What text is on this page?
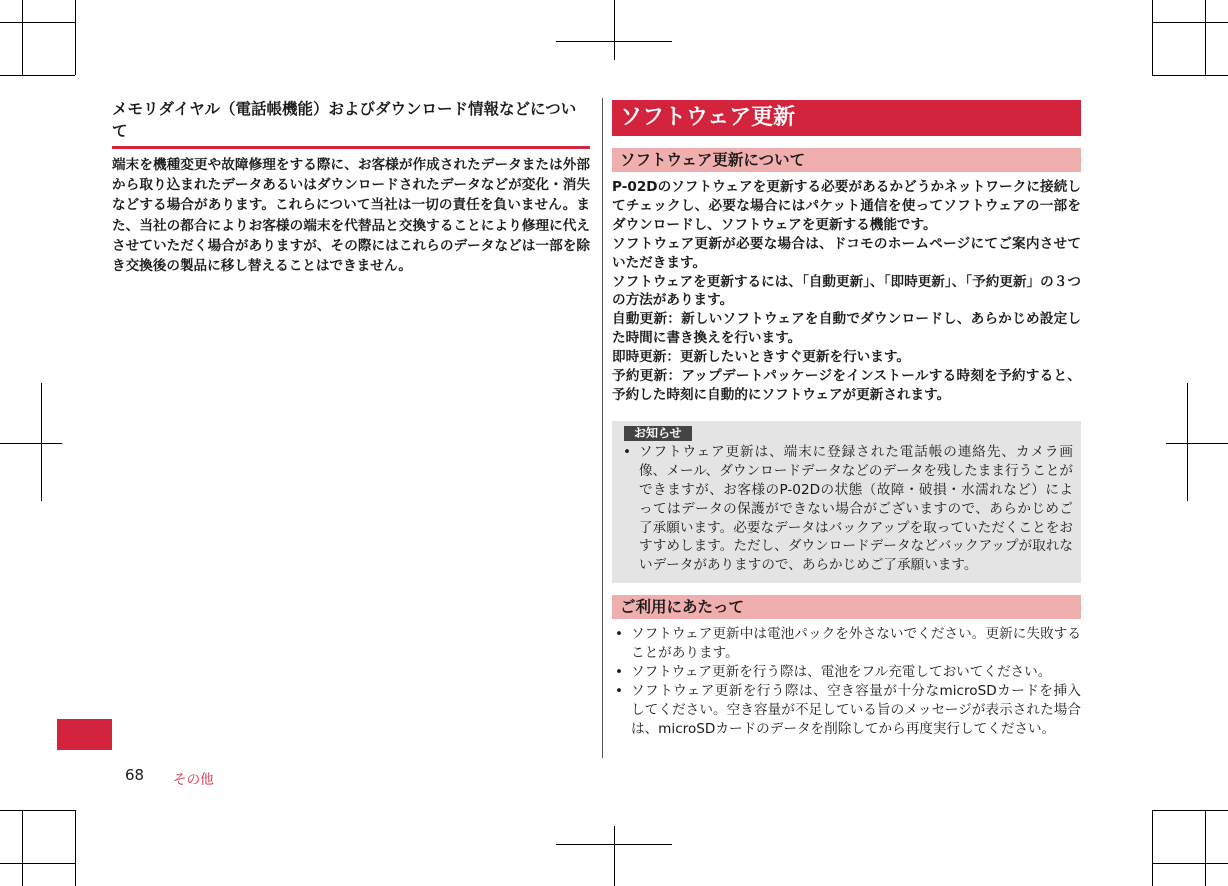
メモリダイヤル（電話帳機能）およびダウンロード情報などについて

端末を機種変更や故障修理をする際に、お客様が作成されたデータまたは外部から取り込まれたデータあるいはダウンロードされたデータなどが変化・消失などする場合があります。これらについて当社は一切の責任を負いません。また、当社の都合によりお客様の端末を代替品と交換することにより修理に代えさせていただく場合がありますが、その際にはこれらのデータなどは一部を除き交換後の製品に移し替えることはできません。

ソフトウェア更新
ソフトウェア更新について

P-02Dのソフトウェアを更新する必要があるかどうかネットワークに接続してチェックし、必要な場合にはパケット通信を使ってソフトウェアの一部をダウンロードし、ソフトウェアを更新する機能です。

ソフトウェア更新が必要な場合は、ドコモのホームページにてご案内させていただきます。

ソフトウェアを更新するには、「自動更新」、「即時更新」、「予約更新」の３つの方法があります。

自動更新：新しいソフトウェアを自動でダウンロードし、あらかじめ設定した時間に書き換えを行います。

即時更新：更新したいときすぐ更新を行います。

予約更新：アップデートパッケージをインストールする時刻を予約すると、予約した時刻に自動的にソフトウェアが更新されます。

お知らせ
• ソフトウェア更新は、端末に登録された電話帳の連絡先、カメラ画像、メール、ダウンロードデータなどのデータを残したまま行うことができますが、お客様のP-02Dの状態（故障・破損・水濡れなど）によってはデータの保護ができない場合がございますので、あらかじめご了承願います。必要なデータはバックアップを取っていただくことをおすすめします。ただし、ダウンロードデータなどバックアップが取れないデータがありますので、あらかじめご了承願います。
ご利用にあたって
• ソフトウェア更新中は電池パックを外さないでください。更新に失敗することがあります。
• ソフトウェア更新を行う際は、電池をフル充電しておいてください。
• ソフトウェア更新を行う際は、空き容量が十分なmicroSDカードを挿入してください。空き容量が不足している旨のメッセージが表示された場合は、microSDカードのデータを削除してから再度実行してください。
68 その他
